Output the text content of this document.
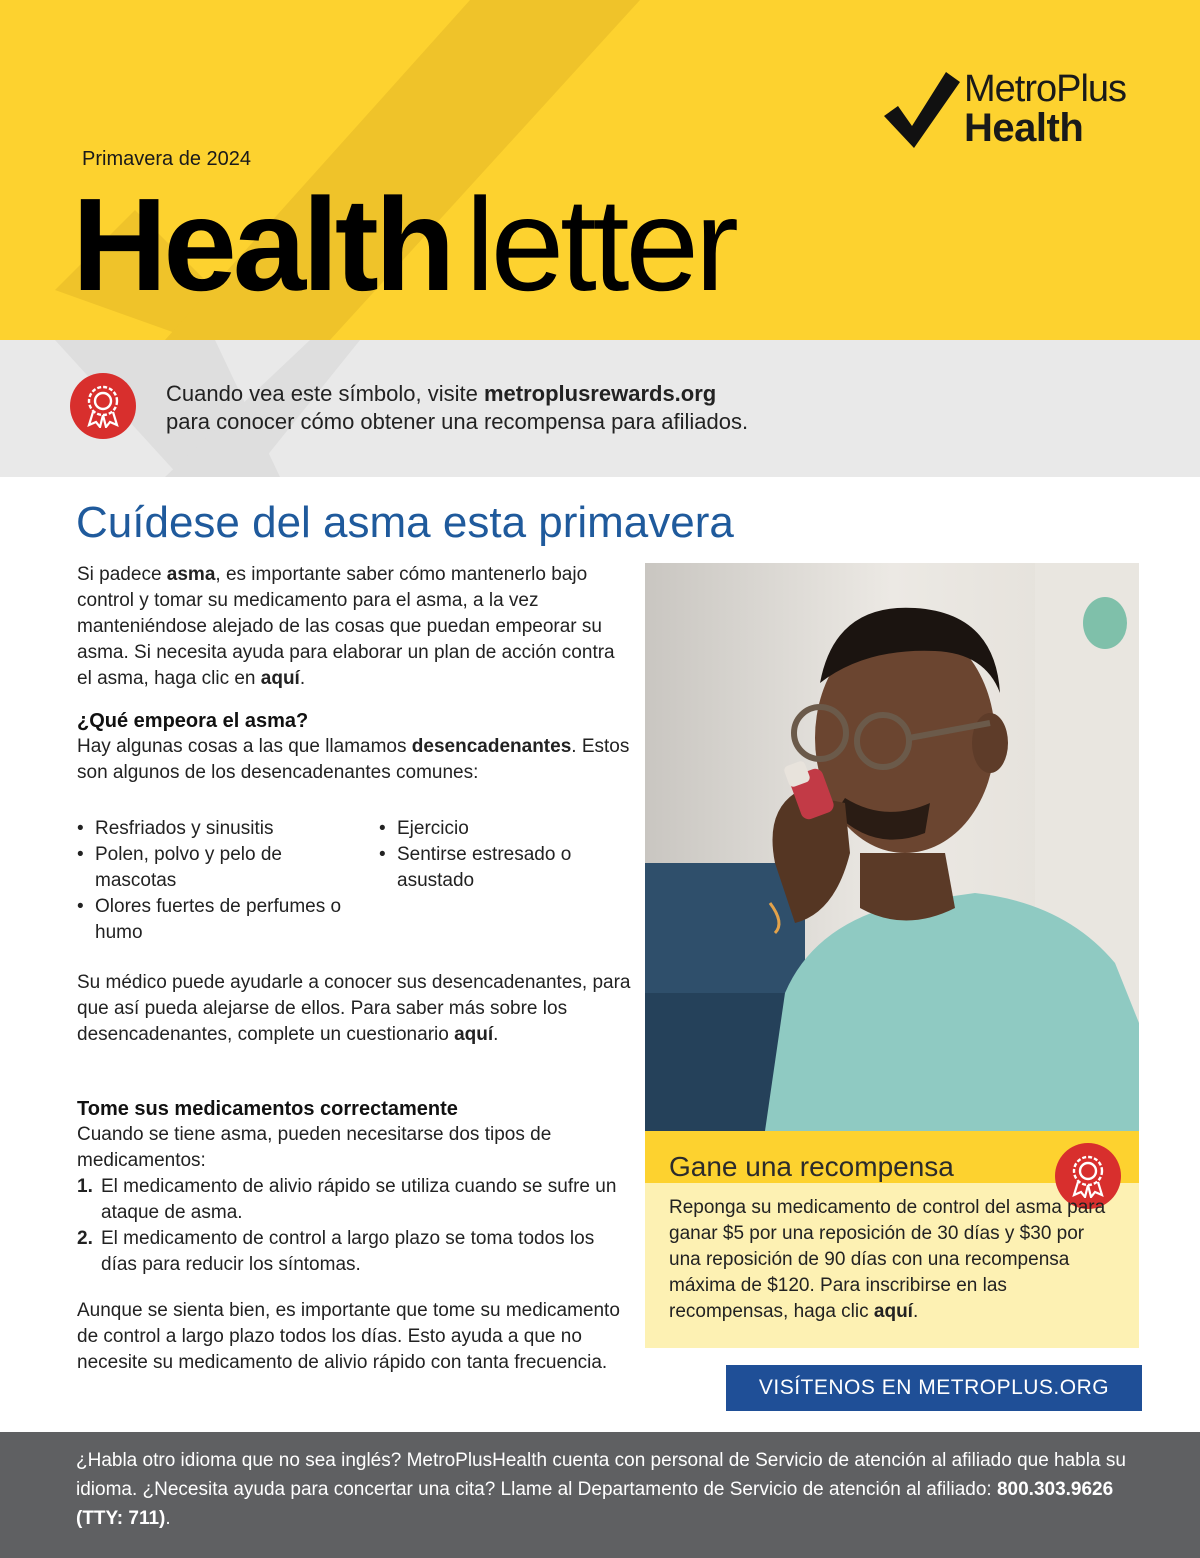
MetroPlus
Health
Primavera de 2024
Health letter
Cuando vea este símbolo, visite metroplusrewards.org
para conocer cómo obtener una recompensa para afiliados.
Cuídese del asma esta primavera
Si padece asma, es importante saber cómo mantenerlo bajo control y tomar su medicamento para el asma, a la vez manteniéndose alejado de las cosas que puedan empeorar su asma. Si necesita ayuda para elaborar un plan de acción contra el asma, haga clic en aquí.
¿Qué empeora el asma?
Hay algunas cosas a las que llamamos desencadenantes. Estos son algunos de los desencadenantes comunes:
• Resfriados y sinusitis
• Polen, polvo y pelo de mascotas
• Olores fuertes de perfumes o humo
• Ejercicio
• Sentirse estresado o asustado
Su médico puede ayudarle a conocer sus desencadenantes, para que así pueda alejarse de ellos. Para saber más sobre los desencadenantes, complete un cuestionario aquí.
Tome sus medicamentos correctamente
Cuando se tiene asma, pueden necesitarse dos tipos de medicamentos:
1. El medicamento de alivio rápido se utiliza cuando se sufre un ataque de asma.
2. El medicamento de control a largo plazo se toma todos los días para reducir los síntomas.
Aunque se sienta bien, es importante que tome su medicamento de control a largo plazo todos los días. Esto ayuda a que no necesite su medicamento de alivio rápido con tanta frecuencia.
Gane una recompensa
Reponga su medicamento de control del asma para ganar $5 por una reposición de 30 días y $30 por una reposición de 90 días con una recompensa máxima de $120. Para inscribirse en las recompensas, haga clic aquí.
VISÍTENOS EN METROPLUS.ORG
¿Habla otro idioma que no sea inglés? MetroPlusHealth cuenta con personal de Servicio de atención al afiliado que habla su idioma. ¿Necesita ayuda para concertar una cita? Llame al Departamento de Servicio de atención al afiliado: 800.303.9626 (TTY: 711).
